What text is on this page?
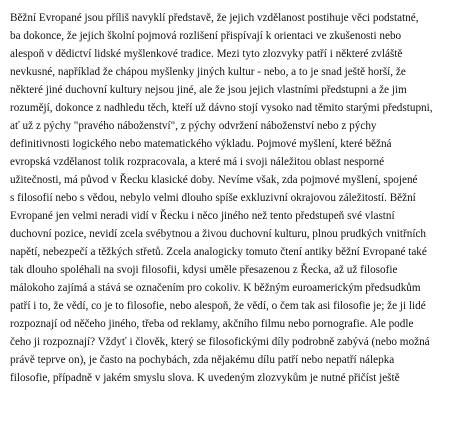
Běžní Evropané jsou příliš navyklí představě, že jejich vzdělanost postihuje věci podstatné,
ba dokonce, že jejich školní pojmová rozlišení přispívají k orientaci ve zkušenosti nebo
alespoň v dědictví lidské myšlenkové tradice. Mezi tyto zlozvyky patří i některé zvláště
nevkusné, například že chápou myšlenky jiných kultur - nebo, a to je snad ještě horší, že
některé jiné duchovní kultury nejsou jiné, ale že jsou jejich vlastními předstupni a že jim
rozumějí, dokonce z nadhledu těch, kteří už dávno stojí vysoko nad těmito starými předstupni,
ať už z pýchy "pravého náboženství", z pýchy odvržení náboženství nebo z pýchy
definitivnosti logického nebo matematického výkladu. Pojmové myšlení, které běžná
evropská vzdělanost tolik rozpracovala, a které má i svoji náležitou oblast nesporné
užitečnosti, má původ v Řecku klasické doby. Nevíme však, zda pojmové myšlení, spojené
s filosofií nebo s vědou, nebylo velmi dlouho spíše exkluzivní okrajovou záležitostí. Běžní
Evropané jen velmi neradi vidí v Řecku i něco jiného než tento předstupeň své vlastní
duchovní pozice, nevidí zcela svébytnou a živou duchovní kulturu, plnou prudkých vnitřních
napětí, nebezpečí a těžkých střetů. Zcela analogicky tomuto čtení antiky běžní Evropané také
tak dlouho spoléhali na svoji filosofii, kdysi uměle přesazenou z Řecka, až už filosofie
málokoho zajímá a stává se označením pro cokoliv. K běžným euroamerickým předsudkům
patří i to, že vědí, co je to filosofie, nebo alespoň, že vědí, o čem tak asi filosofie je; že ji lidé
rozpoznají od něčeho jiného, třeba od reklamy, akčního filmu nebo pornografie. Ale podle
čeho ji rozpoznají? Vždyť i člověk, který se filosofickými díly podrobně zabývá (nebo možná
právě teprve on), je často na pochybách, zda nějakému dílu patří nebo nepatří nálepka
filosofie, případně v jakém smyslu slova. K uvedeným zlozvykům je nutné přičíst ještě
